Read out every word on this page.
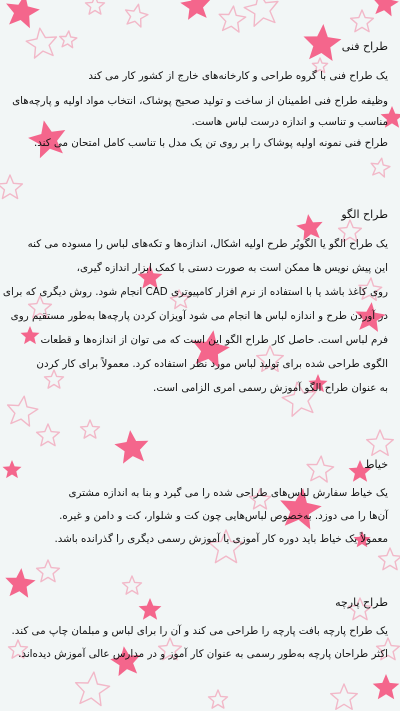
طراح فنی

یک طراح فنی با گروه طراحی و کارخانه‌های خارج از کشور کار می کند

وظیفه طراح فنی اطمینان از ساخت و تولید صحیح پوشاک، انتخاب مواد اولیه و پارچه‌های
مناسب و تناسب و اندازه درست لباس هاست.

طراح فنی نمونه اولیه پوشاک را بر روی تن یک مدل با تناسب کامل امتحان می کند.

طراح الگو

یک طراح الگو یا الگوبُر طرح اولیه اشکال، اندازه‌ها و تکه‌های لباس را مسوده می کنه
این پیش نویس ها ممکن است به صورت دستی با کمک ابزار اندازه گیری،
روی کاغذ باشد یا با استفاده از نرم افزار کامپیوتری CAD انجام شود. روش دیگری که برای
در آوردن طرح و اندازه لباس ها انجام می شود آویزان کردن پارچه‌ها به‌طور مستقیم روی
فرم لباس است. حاصل کار طراح الگو این است که می توان از اندازه‌ها و قطعات
الگوی طراحی شده برای تولید لباس مورد نظر استفاده کرد. معمولاً برای کار کردن
به عنوان طراح الگو آموزش رسمی امری الزامی است.

خیاط

یک خیاط سفارش لباس‌های طراحی شده را می گیرد و بنا به اندازه مشتری
آن‌ها را می دوزد. به‌خصوص لباس‌هایی چون کت و شلوار، کت و دامن و غیره.
معمولاً یک خیاط باید دوره کار آموزی یا آموزش رسمی دیگری را گذرانده باشد.

طراح پارچه

یک طراح پارچه بافت پارچه را طراحی می کند و آن را برای لباس و مبلمان چاپ می کند.
اکثر طراحان پارچه به‌طور رسمی به عنوان کار آموز و در مدارس عالی آموزش دیده‌اند.
